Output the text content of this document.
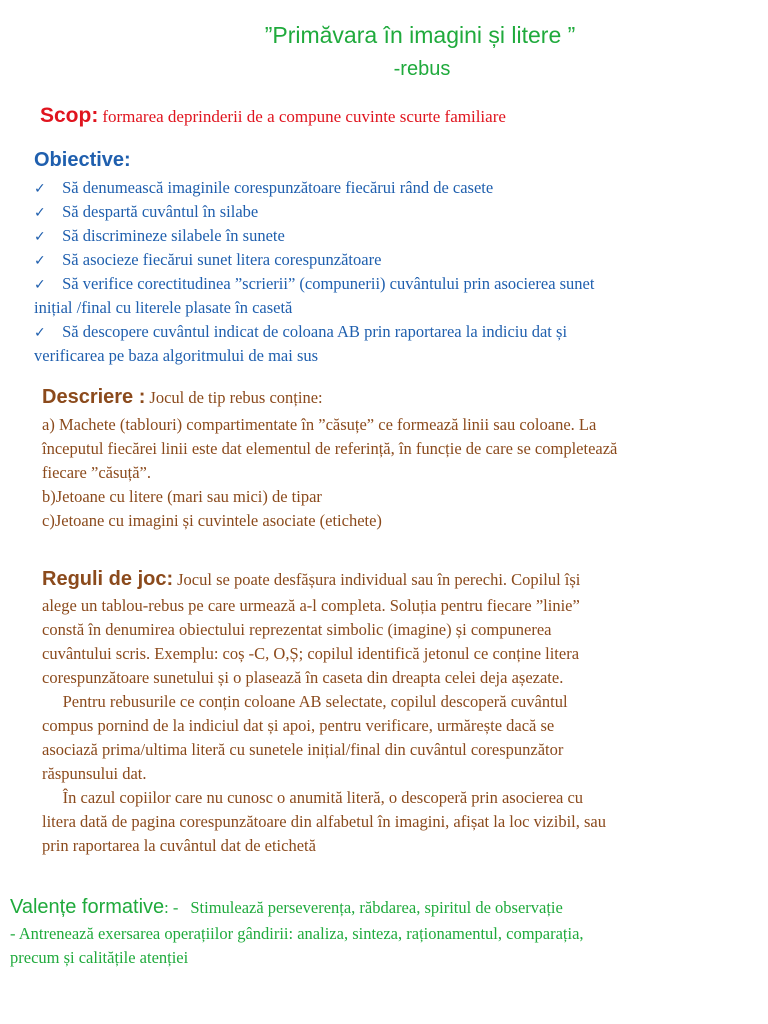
”Primăvara în imagini și litere ”
-rebus
Scop: formarea deprinderii de a compune cuvinte scurte familiare
Obiective:
✓ Să denumească imaginile corespunzătoare fiecărui rând de casete
✓ Să despartă cuvântul în silabe
✓ Să discrimineze silabele în sunete
✓ Să asocieze fiecărui sunet litera corespunzătoare
✓ Să verifice corectitudinea ”scrierii” (compunerii) cuvântului prin asocierea sunet
inițial /final cu literele plasate în casetă
✓ Să descopere cuvântul indicat de coloana AB prin raportarea la indiciu dat și
verificarea pe baza algoritmului de mai sus
Descriere : Jocul de tip rebus conține:
a) Machete (tablouri) compartimentate în ”căsuțe” ce formează linii sau coloane. La
începutul fiecărei linii este dat elementul de referință, în funcție de care se completează
fiecare ”căsuță”.
b)Jetoane cu litere (mari sau mici) de tipar
c)Jetoane cu imagini și cuvintele asociate (etichete)
Reguli de joc: Jocul se poate desfășura individual sau în perechi. Copilul își
alege un tablou-rebus pe care urmează a-l completa. Soluția pentru fiecare ”linie”
constă în denumirea obiectului reprezentat simbolic (imagine) și compunerea
cuvântului scris. Exemplu: coș -C, O,Ș; copilul identifică jetonul ce conține litera
corespunzătoare sunetului și o plasează în caseta din dreapta celei deja așezate.
Pentru rebusurile ce conțin coloane AB selectate, copilul descoperă cuvântul
compus pornind de la indiciul dat și apoi, pentru verificare, urmărește dacă se
asociază prima/ultima literă cu sunetele inițial/final din cuvântul corespunzător
răspunsului dat.
În cazul copiilor care nu cunosc o anumită literă, o descoperă prin asocierea cu
litera dată de pagina corespunzătoare din alfabetul în imagini, afișat la loc vizibil, sau
prin raportarea la cuvântul dat de etichetă
Valențe formative: - Stimulează perseverența, răbdarea, spiritul de observație
- Antrenează exersarea operațiilor gândirii: analiza, sinteza, raționamentul, comparația,
precum și calitățile atenției
